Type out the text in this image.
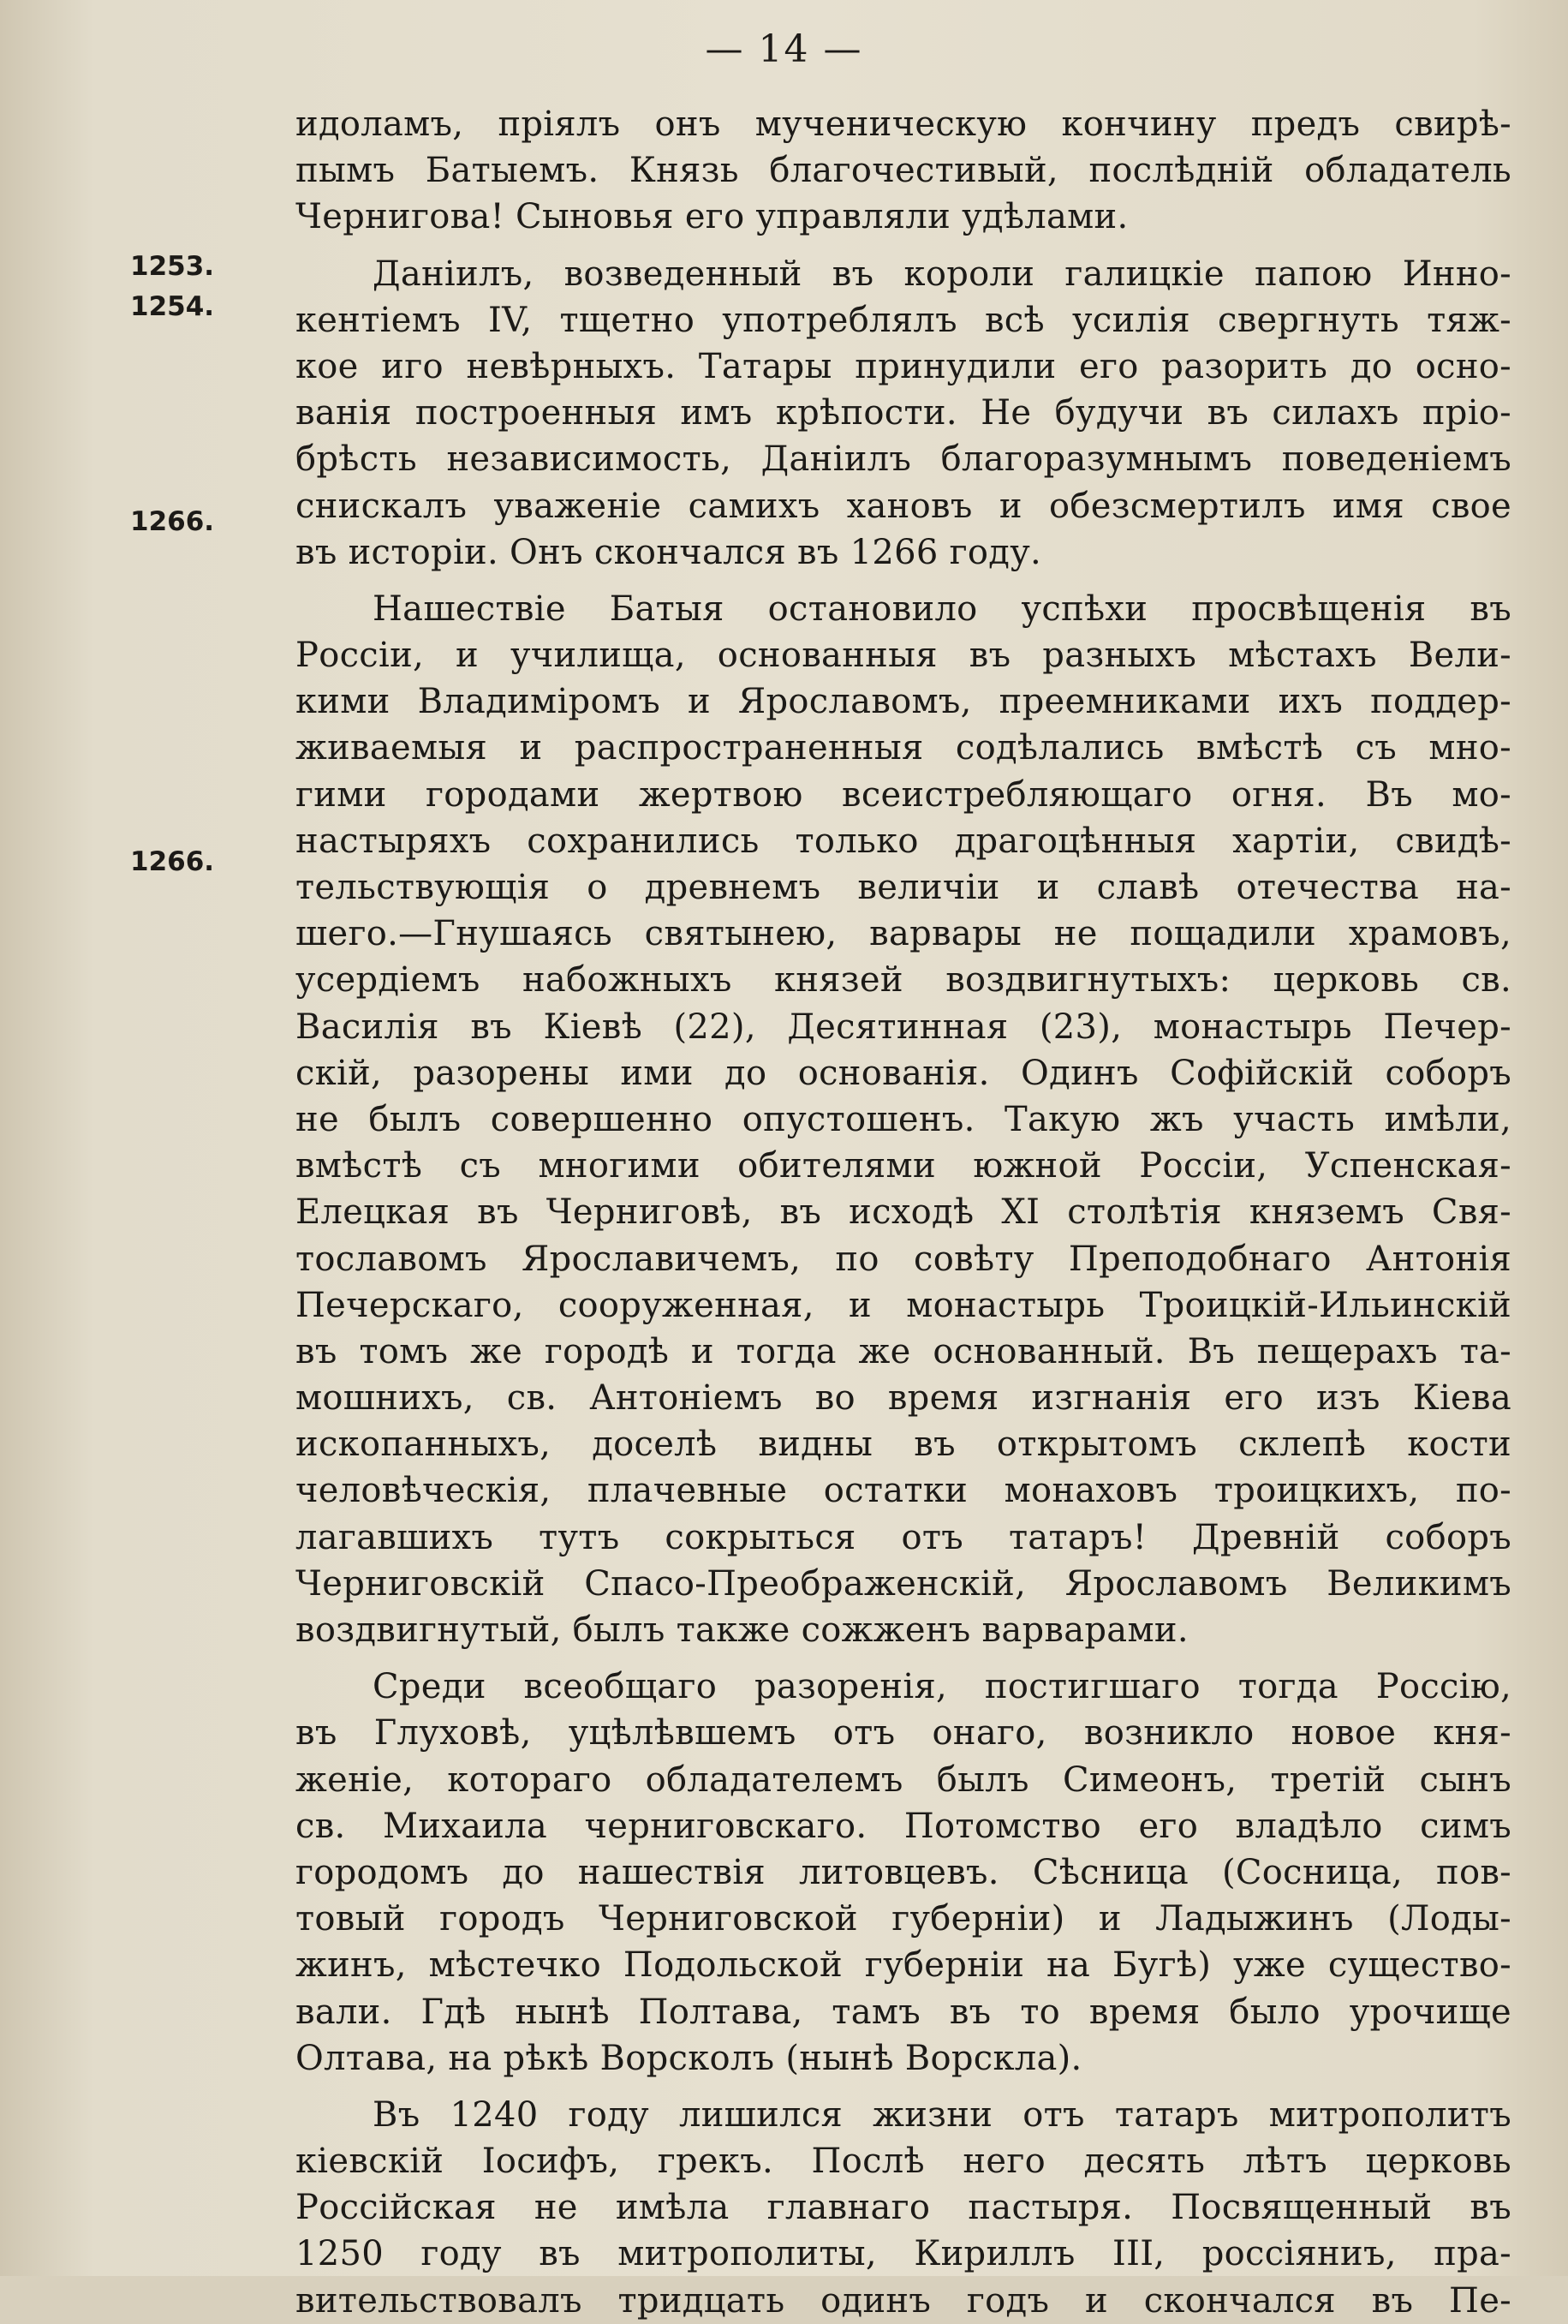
— 14 —
1253.
1254.
1266.
1266.
идоламъ, пріялъ онъ мученическую кончину предъ свирѣ-
пымъ Батыемъ. Князь благочестивый, послѣдній обладатель
Чернигова! Сыновья его управляли удѣлами.
Даніилъ, возведенный въ короли галицкіе папою Инно-
кентіемъ IV, тщетно употреблялъ всѣ усилія свергнуть тяж-
кое иго невѣрныхъ. Татары принудили его разорить до осно-
ванія построенныя имъ крѣпости. Не будучи въ силахъ пріо-
брѣсть независимость, Даніилъ благоразумнымъ поведеніемъ
снискалъ уваженіе самихъ хановъ и обезсмертилъ имя свое
въ исторіи. Онъ скончался въ 1266 году.
Нашествіе Батыя остановило успѣхи просвѣщенія въ
Россіи, и училища, основанныя въ разныхъ мѣстахъ Вели-
кими Владиміромъ и Ярославомъ, преемниками ихъ поддер-
живаемыя и распространенныя содѣлались вмѣстѣ съ мно-
гими городами жертвою всеистребляющаго огня. Въ мо-
настыряхъ сохранились только драгоцѣнныя хартіи, свидѣ-
тельствующія о древнемъ величіи и славѣ отечества на-
шего.—Гнушаясь святынею, варвары не пощадили храмовъ,
усердіемъ набожныхъ князей воздвигнутыхъ: церковь св.
Василія въ Кіевѣ (22), Десятинная (23), монастырь Печер-
скій, разорены ими до основанія. Одинъ Софійскій соборъ
не былъ совершенно опустошенъ. Такую жъ участь имѣли,
вмѣстѣ съ многими обителями южной Россіи, Успенская-
Елецкая въ Черниговѣ, въ исходѣ XI столѣтія княземъ Свя-
тославомъ Ярославичемъ, по совѣту Преподобнаго Антонія
Печерскаго, сооруженная, и монастырь Троицкій-Ильинскій
въ томъ же городѣ и тогда же основанный. Въ пещерахъ та-
мошнихъ, св. Антоніемъ во время изгнанія его изъ Кіева
ископанныхъ, доселѣ видны въ открытомъ склепѣ кости
человѣческія, плачевные остатки монаховъ троицкихъ, по-
лагавшихъ тутъ сокрыться отъ татаръ! Древній соборъ
Черниговскій Спасо-Преображенскій, Ярославомъ Великимъ
воздвигнутый, былъ также сожженъ варварами.
Среди всеобщаго разоренія, постигшаго тогда Россію,
въ Глуховѣ, уцѣлѣвшемъ отъ онаго, возникло новое кня-
женіе, котораго обладателемъ былъ Симеонъ, третій сынъ
св. Михаила черниговскаго. Потомство его владѣло симъ
городомъ до нашествія литовцевъ. Сѣсница (Сосница, пов-
товый городъ Черниговской губерніи) и Ладыжинъ (Лоды-
жинъ, мѣстечко Подольской губерніи на Бугѣ) уже существо-
вали. Гдѣ нынѣ Полтава, тамъ въ то время было урочище
Олтава, на рѣкѣ Ворсколъ (нынѣ Ворскла).
Въ 1240 году лишился жизни отъ татаръ митрополитъ
кіевскій Іосифъ, грекъ. Послѣ него десять лѣтъ церковь
Россійская не имѣла главнаго пастыря. Посвященный въ
1250 году въ митрополиты, Кириллъ III, россіяниъ, пра-
вительствовалъ тридцать одинъ годъ и скончался въ Пе-
